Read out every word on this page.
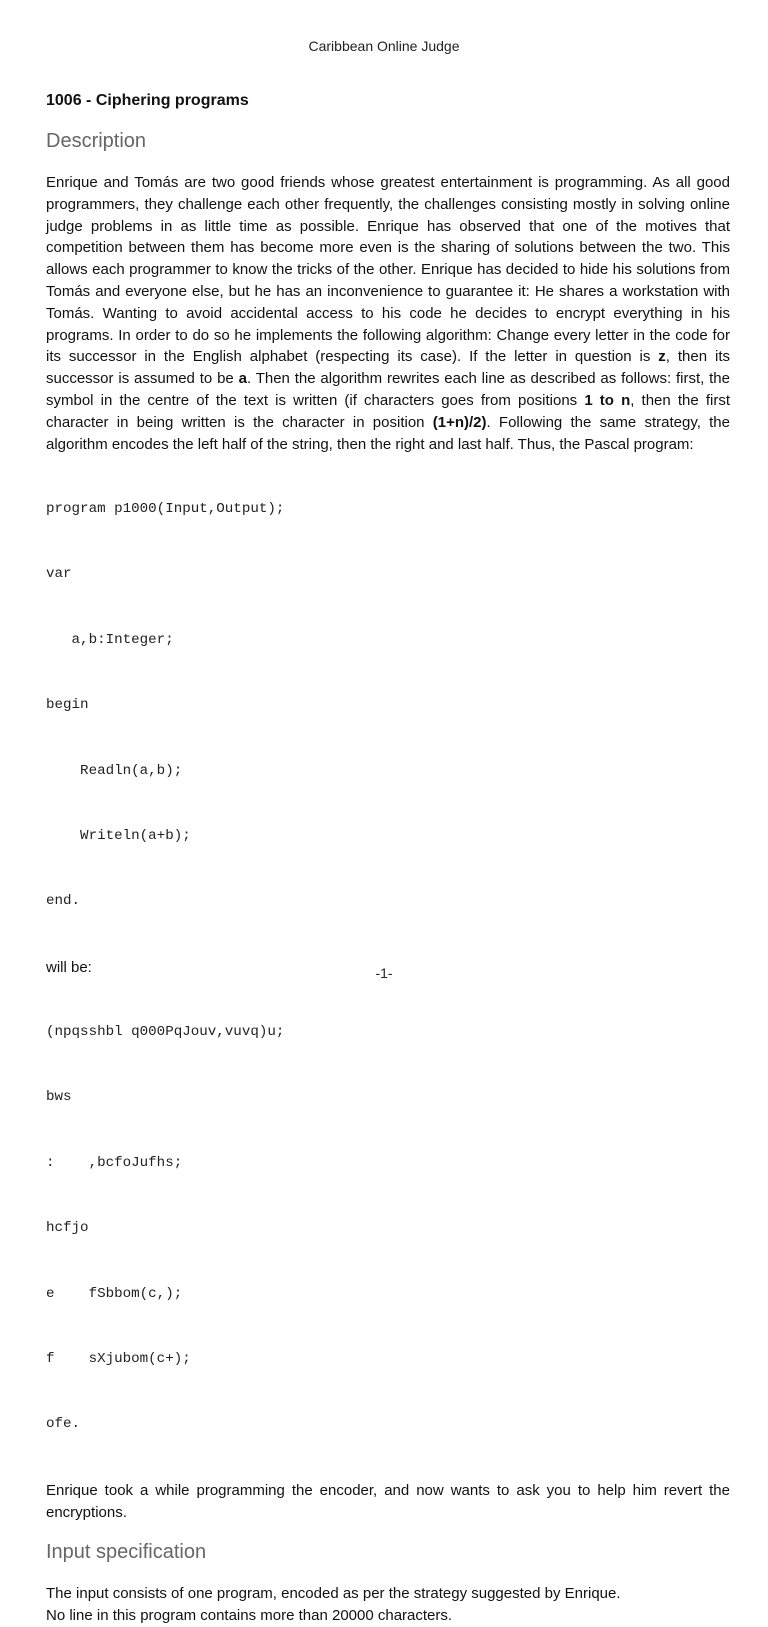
Caribbean Online Judge
1006 - Ciphering programs
Description

Enrique and Tomás are two good friends whose greatest entertainment is programming. As all good programmers, they challenge each other frequently, the challenges consisting mostly in solving online judge problems in as little time as possible. Enrique has observed that one of the motives that competition between them has become more even is the sharing of solutions between the two. This allows each programmer to know the tricks of the other. Enrique has decided to hide his solutions from Tomás and everyone else, but he has an inconvenience to guarantee it: He shares a workstation with Tomás. Wanting to avoid accidental access to his code he decides to encrypt everything in his programs. In order to do so he implements the following algorithm: Change every letter in the code for its successor in the English alphabet (respecting its case). If the letter in question is z, then its successor is assumed to be a. Then the algorithm rewrites each line as described as follows: first, the symbol in the centre of the text is written (if characters goes from positions 1 to n, then the first character in being written is the character in position (1+n)/2). Following the same strategy, the algorithm encodes the left half of the string, then the right and last half. Thus, the Pascal program:

program p1000(Input,Output);

var

a,b:Integer;

begin

Readln(a,b);

Writeln(a+b);

end.

will be:

(npqsshbl q000PqJouv,vuvq)u;

bws

:    ,bcfoJufhs;

hcfjo

e    fSbbom(c,);

f    sXjubom(c+);

ofe.

Enrique took a while programming the encoder, and now wants to ask you to help him revert the encryptions.

Input specification

The input consists of one program, encoded as per the strategy suggested by Enrique.

No line in this program contains more than 20000 characters.

-1-
